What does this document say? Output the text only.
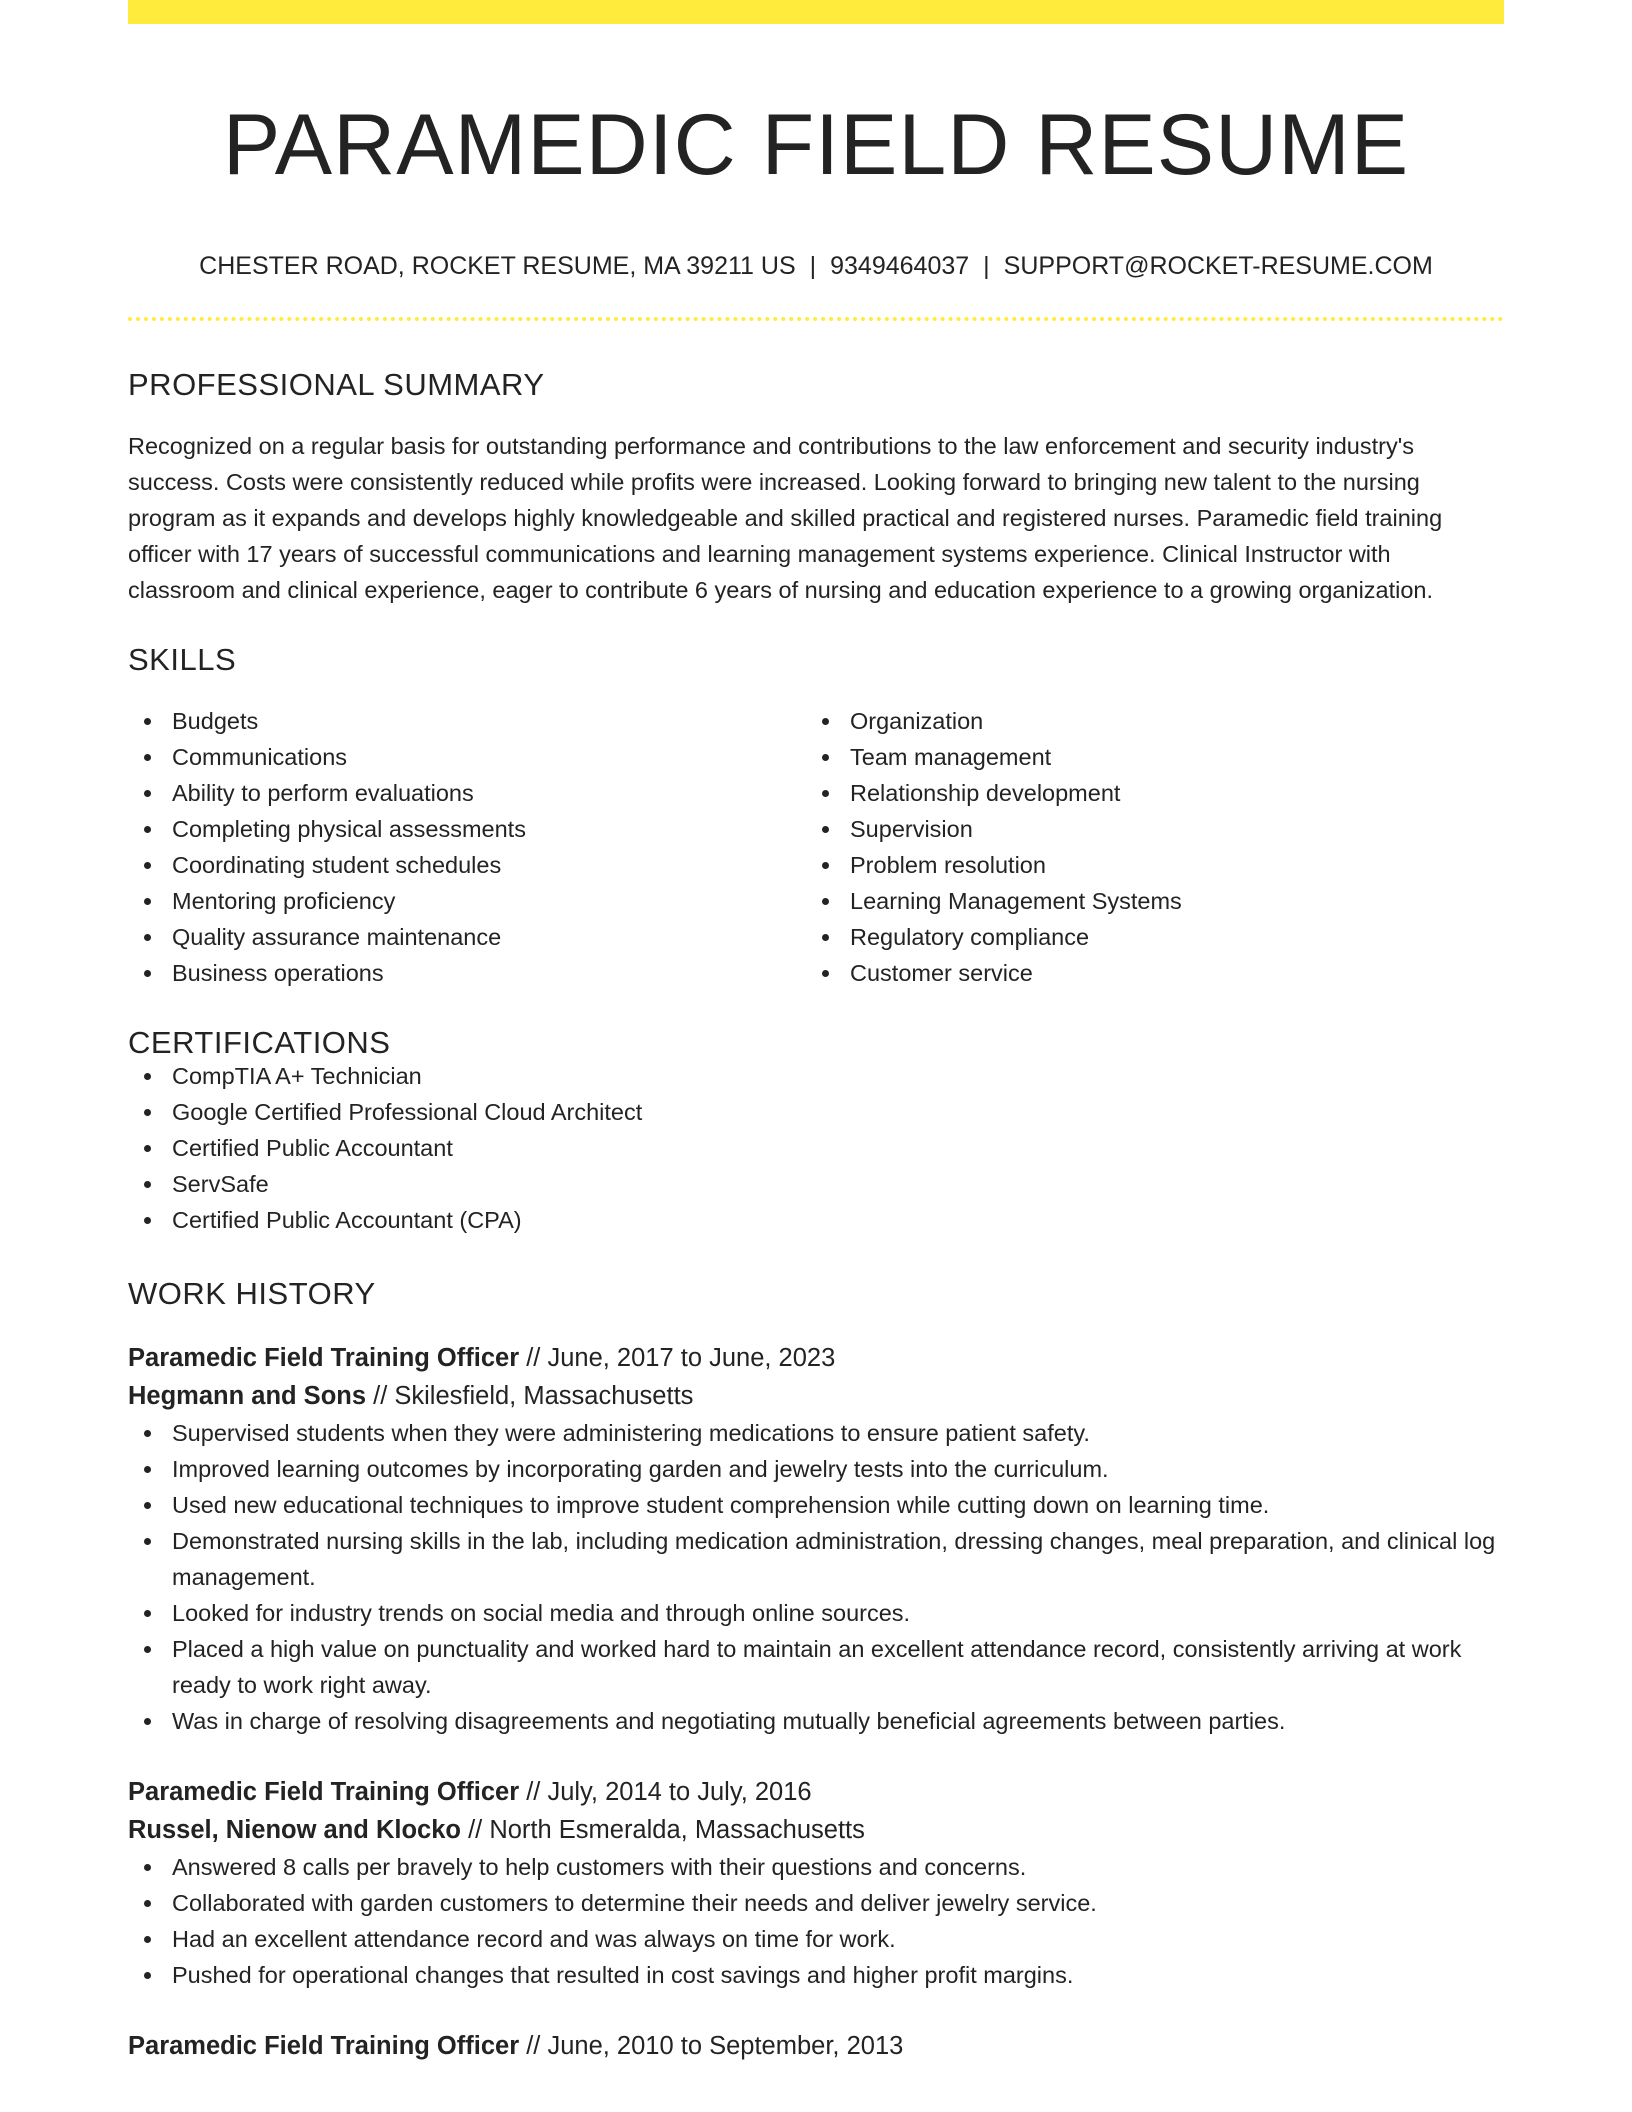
PARAMEDIC FIELD RESUME
CHESTER ROAD, ROCKET RESUME, MA 39211 US | 9349464037 | SUPPORT@ROCKET-RESUME.COM
PROFESSIONAL SUMMARY

Recognized on a regular basis for outstanding performance and contributions to the law enforcement and security industry's success. Costs were consistently reduced while profits were increased. Looking forward to bringing new talent to the nursing program as it expands and develops highly knowledgeable and skilled practical and registered nurses. Paramedic field training officer with 17 years of successful communications and learning management systems experience. Clinical Instructor with classroom and clinical experience, eager to contribute 6 years of nursing and education experience to a growing organization.

SKILLS
Budgets
Communications
Ability to perform evaluations
Completing physical assessments
Coordinating student schedules
Mentoring proficiency
Quality assurance maintenance
Business operations
Organization
Team management
Relationship development
Supervision
Problem resolution
Learning Management Systems
Regulatory compliance
Customer service
CERTIFICATIONS
CompTIA A+ Technician
Google Certified Professional Cloud Architect
Certified Public Accountant
ServSafe
Certified Public Accountant (CPA)
WORK HISTORY
Paramedic Field Training Officer // June, 2017 to June, 2023
Hegmann and Sons // Skilesfield, Massachusetts
Supervised students when they were administering medications to ensure patient safety.
Improved learning outcomes by incorporating garden and jewelry tests into the curriculum.
Used new educational techniques to improve student comprehension while cutting down on learning time.
Demonstrated nursing skills in the lab, including medication administration, dressing changes, meal preparation, and clinical log management.
Looked for industry trends on social media and through online sources.
Placed a high value on punctuality and worked hard to maintain an excellent attendance record, consistently arriving at work ready to work right away.
Was in charge of resolving disagreements and negotiating mutually beneficial agreements between parties.
Paramedic Field Training Officer // July, 2014 to July, 2016
Russel, Nienow and Klocko // North Esmeralda, Massachusetts
Answered 8 calls per bravely to help customers with their questions and concerns.
Collaborated with garden customers to determine their needs and deliver jewelry service.
Had an excellent attendance record and was always on time for work.
Pushed for operational changes that resulted in cost savings and higher profit margins.
Paramedic Field Training Officer // June, 2010 to September, 2013
